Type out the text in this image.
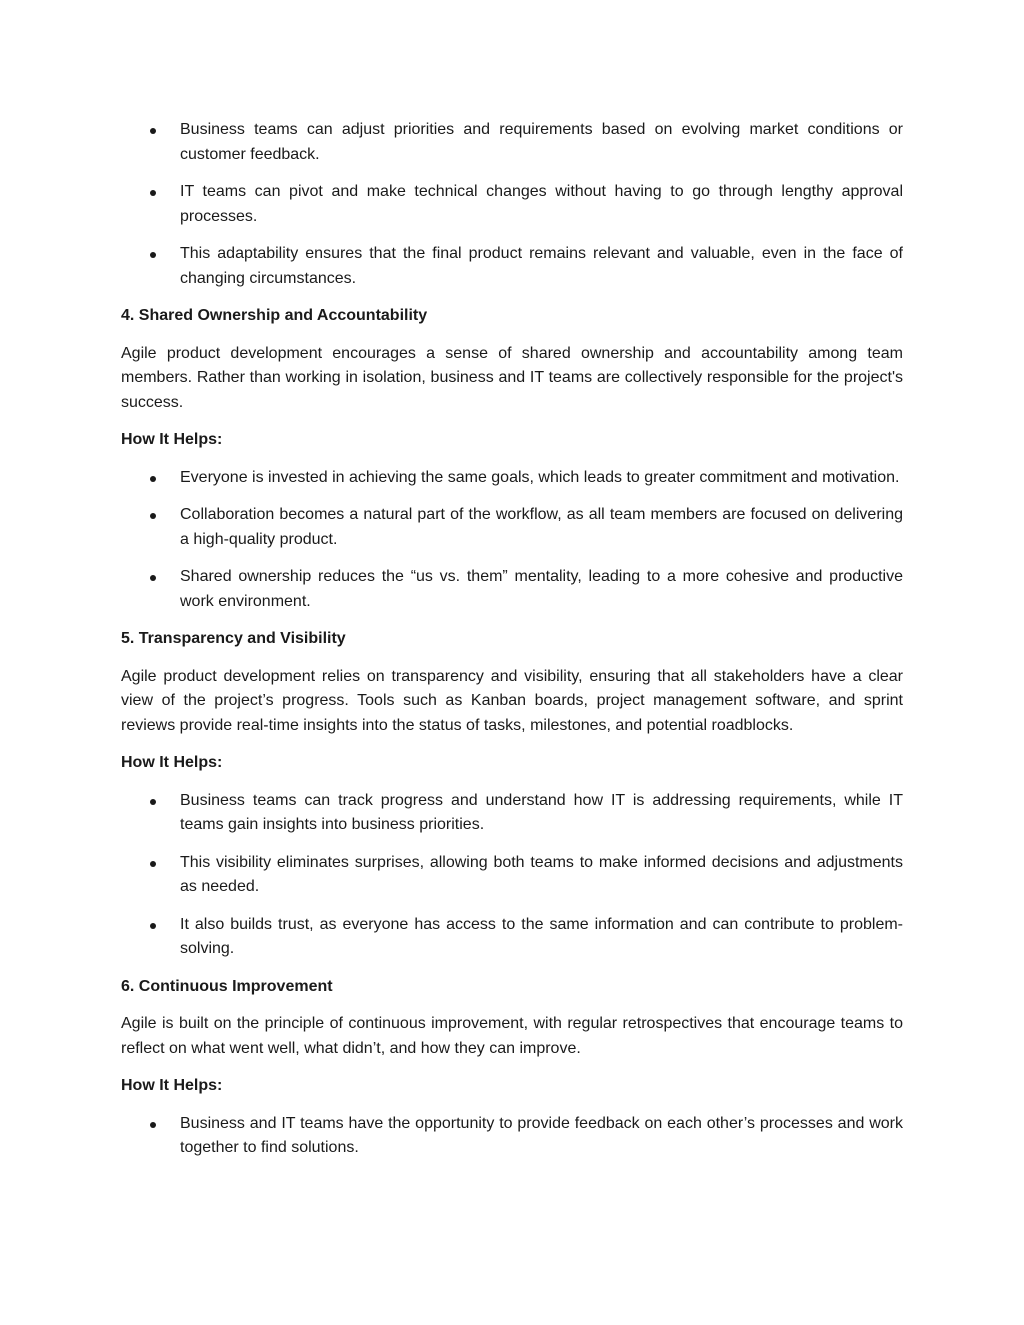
Business teams can adjust priorities and requirements based on evolving market conditions or customer feedback.
IT teams can pivot and make technical changes without having to go through lengthy approval processes.
This adaptability ensures that the final product remains relevant and valuable, even in the face of changing circumstances.

4. Shared Ownership and Accountability

Agile product development encourages a sense of shared ownership and accountability among team members. Rather than working in isolation, business and IT teams are collectively responsible for the project's success.

How It Helps:

Everyone is invested in achieving the same goals, which leads to greater commitment and motivation.
Collaboration becomes a natural part of the workflow, as all team members are focused on delivering a high-quality product.
Shared ownership reduces the “us vs. them” mentality, leading to a more cohesive and productive work environment.

5. Transparency and Visibility

Agile product development relies on transparency and visibility, ensuring that all stakeholders have a clear view of the project’s progress. Tools such as Kanban boards, project management software, and sprint reviews provide real-time insights into the status of tasks, milestones, and potential roadblocks.

How It Helps:

Business teams can track progress and understand how IT is addressing requirements, while IT teams gain insights into business priorities.
This visibility eliminates surprises, allowing both teams to make informed decisions and adjustments as needed.
It also builds trust, as everyone has access to the same information and can contribute to problem-solving.

6. Continuous Improvement

Agile is built on the principle of continuous improvement, with regular retrospectives that encourage teams to reflect on what went well, what didn’t, and how they can improve.

How It Helps:

Business and IT teams have the opportunity to provide feedback on each other’s processes and work together to find solutions.
